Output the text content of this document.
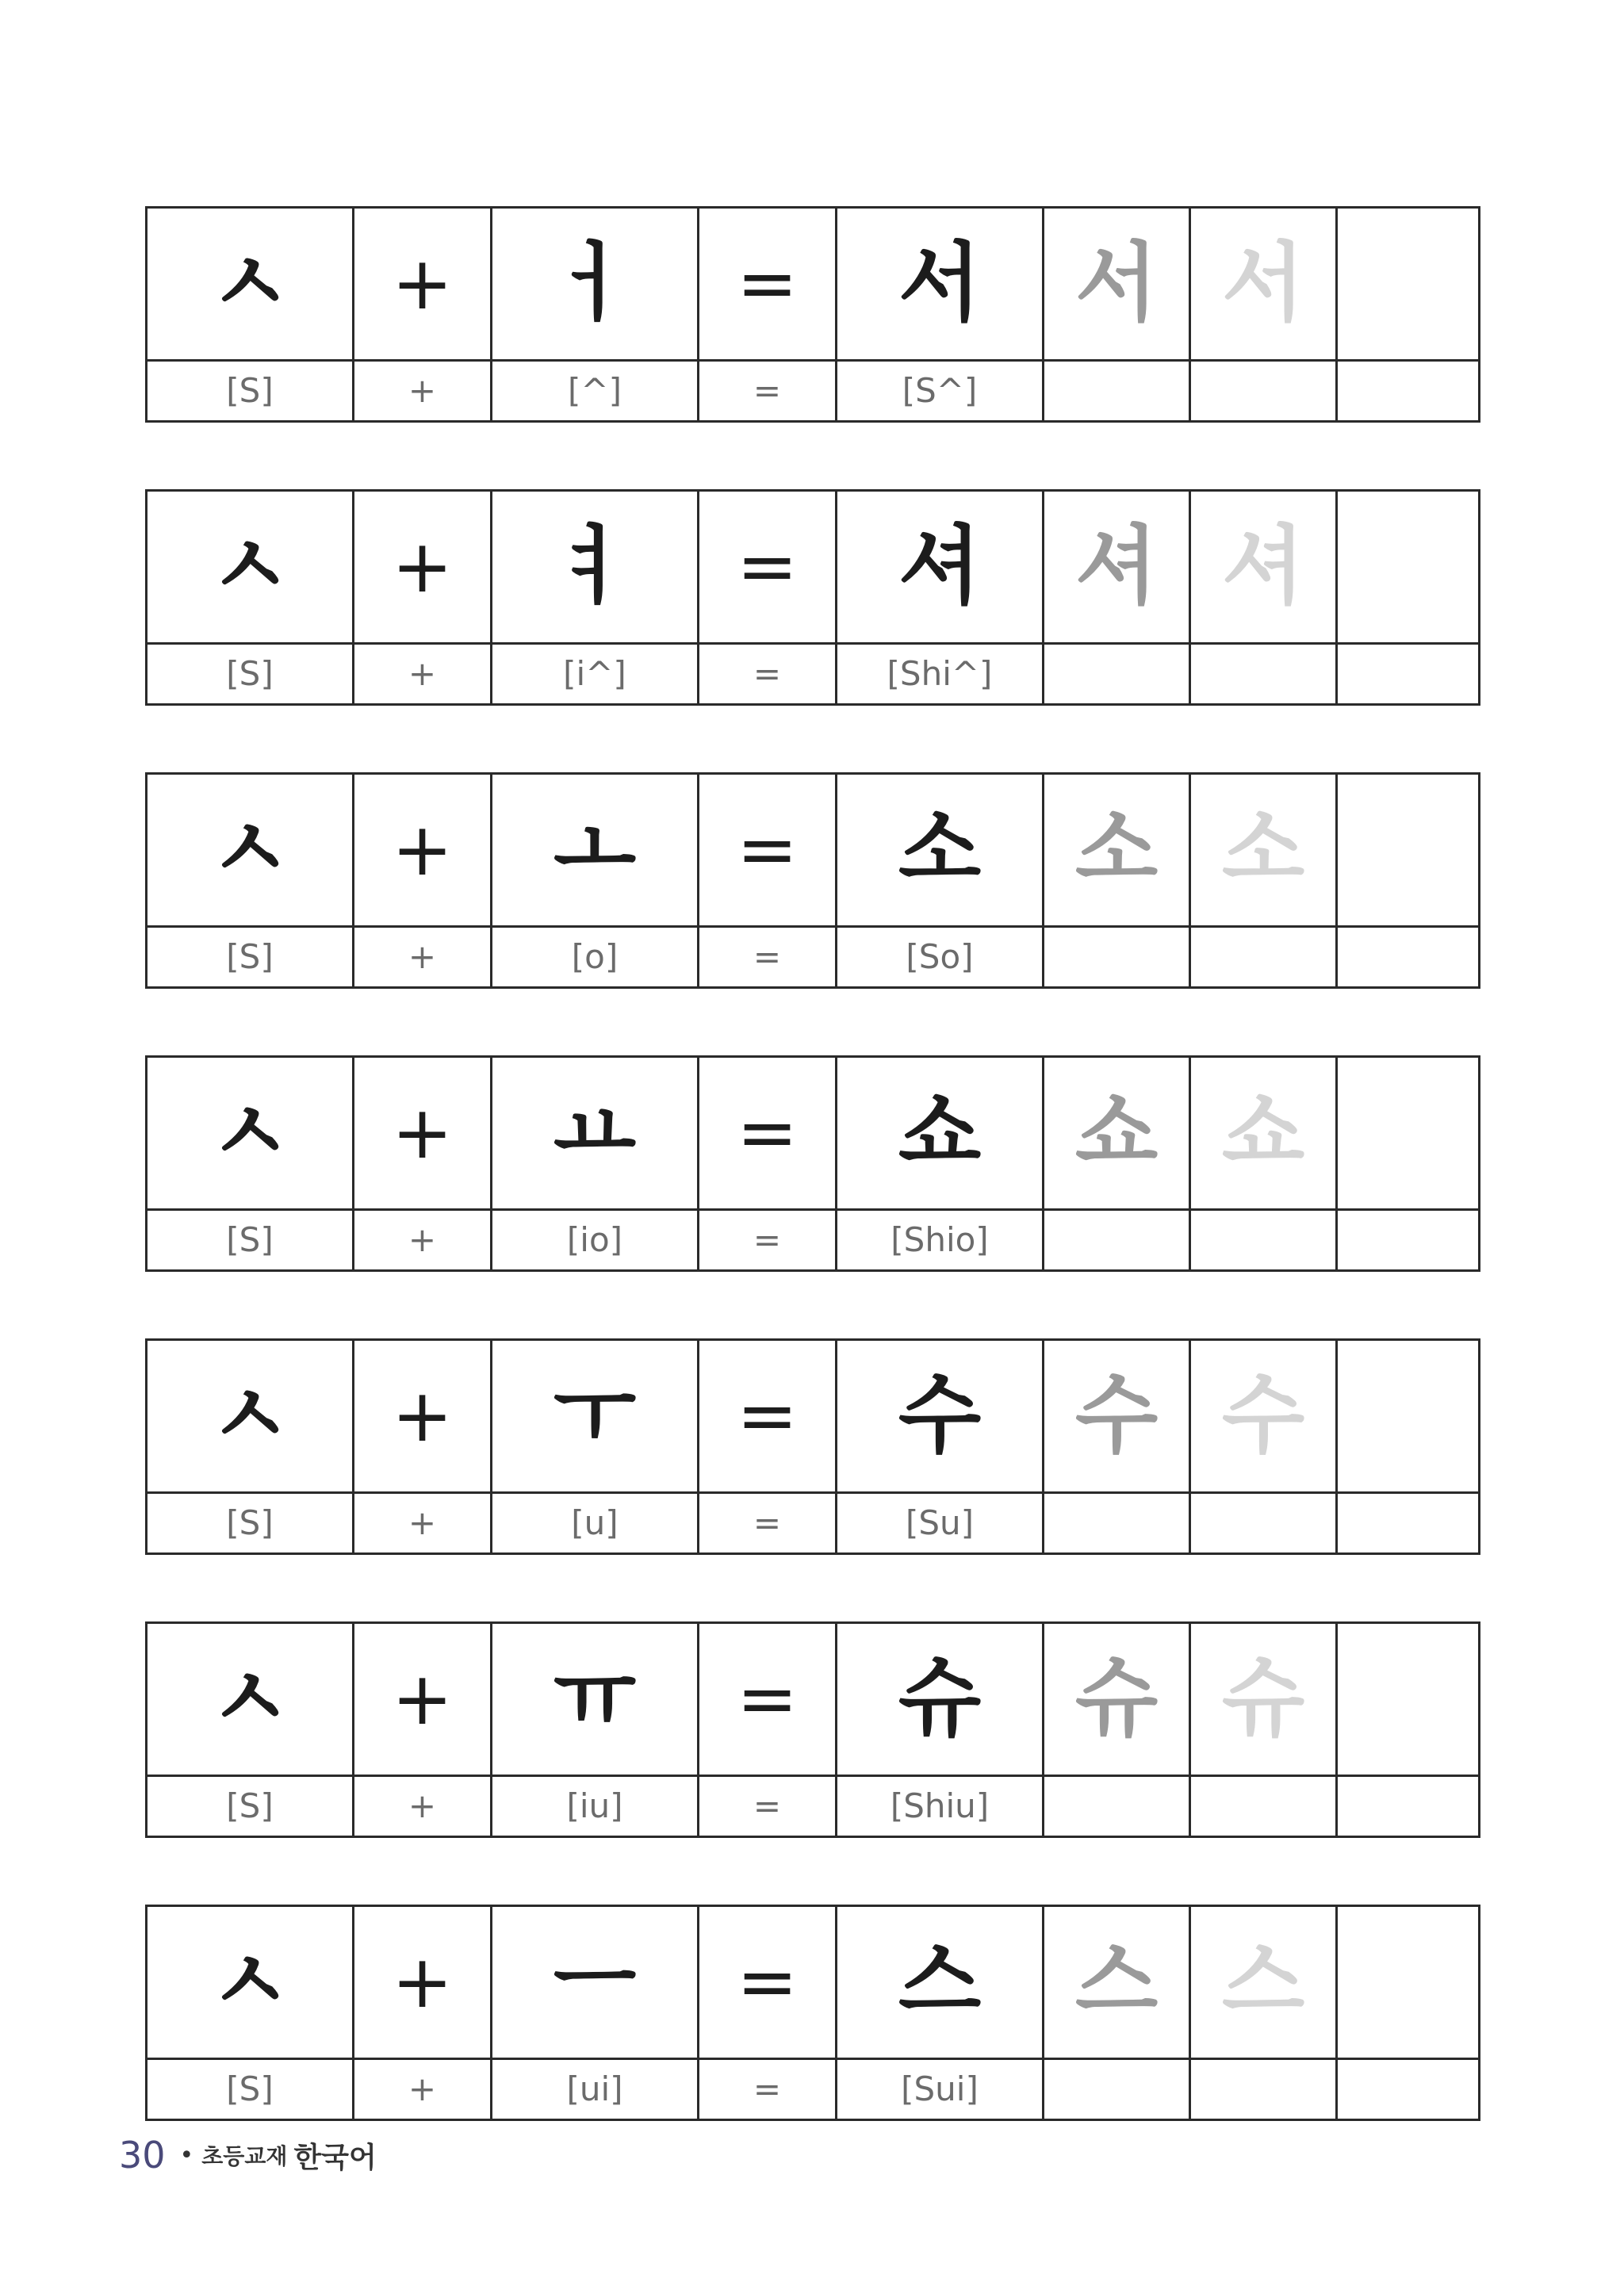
ㅅ	+	ㅓ	=	서	서	서	
[S]	+	[^]	=	[S^]			
ㅅ	+	ㅕ	=	셔	셔	셔	
[S]	+	[i^]	=	[Shi^]			
ㅅ	+	ㅗ	=	소	소	소	
[S]	+	[o]	=	[So]			
ㅅ	+	ㅛ	=	쇼	쇼	쇼	
[S]	+	[io]	=	[Shio]			
ㅅ	+	ㅜ	=	수	수	수	
[S]	+	[u]	=	[Su]			
ㅅ	+	ㅠ	=	슈	슈	슈	
[S]	+	[iu]	=	[Shiu]			
ㅅ	+	ㅡ	=	스	스	스	
[S]	+	[ui]	=	[Sui]			
30 • 초등교재 한국어
